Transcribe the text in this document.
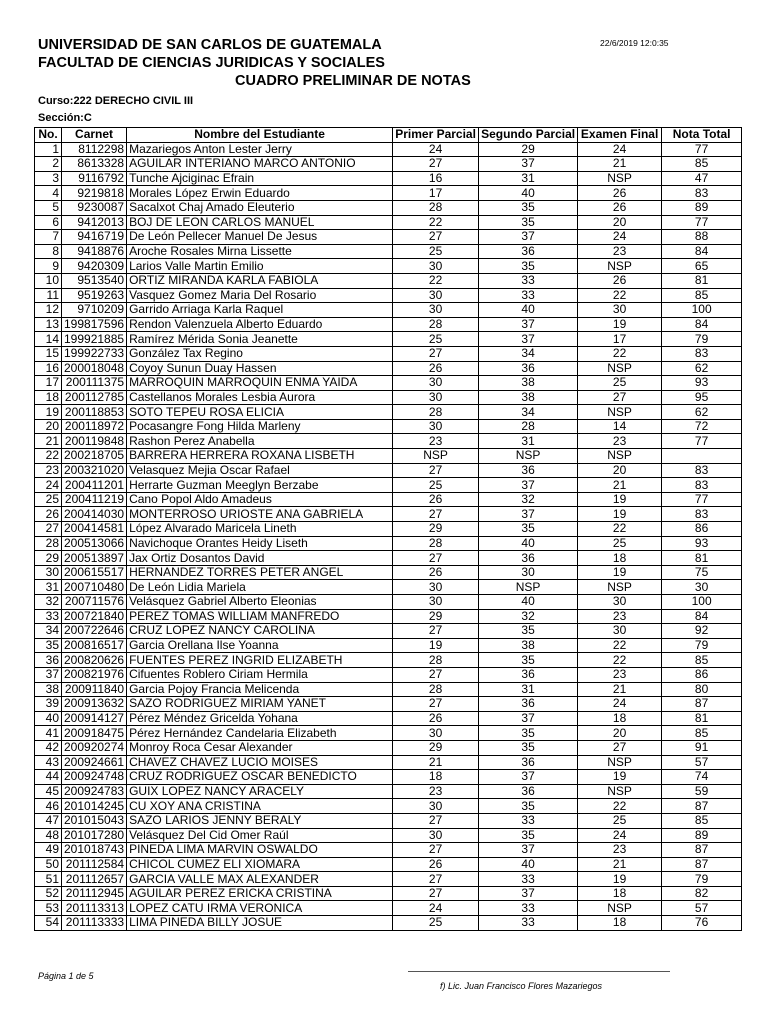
UNIVERSIDAD DE SAN CARLOS DE GUATEMALA
FACULTAD DE CIENCIAS JURIDICAS Y SOCIALES
CUADRO PRELIMINAR DE NOTAS
22/6/2019 12:0:35
Curso:222 DERECHO CIVIL III
Sección:C
No.	Carnet	Nombre del Estudiante	Primer Parcial	Segundo Parcial	Examen Final	Nota Total
1	8112298	Mazariegos Anton Lester Jerry	24	29	24	77
2	8613328	AGUILAR INTERIANO MARCO ANTONIO	27	37	21	85
3	9116792	Tunche Ajciginac Efrain	16	31	NSP	47
4	9219818	Morales López Erwin Eduardo	17	40	26	83
5	9230087	Sacalxot Chaj Amado Eleuterio	28	35	26	89
6	9412013	BOJ DE LEON CARLOS MANUEL	22	35	20	77
7	9416719	De León Pellecer Manuel De Jesus	27	37	24	88
8	9418876	Aroche Rosales Mirna Lissette	25	36	23	84
9	9420309	Larios Valle Martin Emilio	30	35	NSP	65
10	9513540	ORTIZ MIRANDA KARLA FABIOLA	22	33	26	81
11	9519263	Vasquez Gomez Maria Del Rosario	30	33	22	85
12	9710209	Garrido Arriaga Karla Raquel	30	40	30	100
13	199817596	Rendon Valenzuela Alberto Eduardo	28	37	19	84
14	199921885	Ramírez Mérida Sonia Jeanette	25	37	17	79
15	199922733	González Tax Regino	27	34	22	83
16	200018048	Coyoy Sunun Duay Hassen	26	36	NSP	62
17	200111375	MARROQUIN MARROQUIN ENMA YAIDA	30	38	25	93
18	200112785	Castellanos Morales Lesbia Aurora	30	38	27	95
19	200118853	SOTO TEPEU ROSA ELICIA	28	34	NSP	62
20	200118972	Pocasangre Fong Hilda Marleny	30	28	14	72
21	200119848	Rashon Perez Anabella	23	31	23	77
22	200218705	BARRERA HERRERA ROXANA LISBETH	NSP	NSP	NSP	
23	200321020	Velasquez Mejia Oscar Rafael	27	36	20	83
24	200411201	Herrarte Guzman Meeglyn Berzabe	25	37	21	83
25	200411219	Cano Popol Aldo Amadeus	26	32	19	77
26	200414030	MONTERROSO URIOSTE ANA GABRIELA	27	37	19	83
27	200414581	López Alvarado Maricela Lineth	29	35	22	86
28	200513066	Navichoque Orantes Heidy Liseth	28	40	25	93
29	200513897	Jax Ortiz Dosantos David	27	36	18	81
30	200615517	HERNANDEZ TORRES PETER ANGEL	26	30	19	75
31	200710480	De León Lidia Mariela	30	NSP	NSP	30
32	200711576	Velásquez Gabriel Alberto Eleonias	30	40	30	100
33	200721840	PEREZ TOMAS WILLIAM MANFREDO	29	32	23	84
34	200722646	CRUZ LOPEZ NANCY CAROLINA	27	35	30	92
35	200816517	Garcia Orellana Ilse Yoanna	19	38	22	79
36	200820626	FUENTES PEREZ INGRID ELIZABETH	28	35	22	85
37	200821976	Cifuentes Roblero Ciriam Hermila	27	36	23	86
38	200911840	Garcia Pojoy Francia Melicenda	28	31	21	80
39	200913632	SAZO RODRIGUEZ MIRIAM YANET	27	36	24	87
40	200914127	Pérez Méndez Gricelda Yohana	26	37	18	81
41	200918475	Pérez Hernández Candelaria Elizabeth	30	35	20	85
42	200920274	Monroy Roca Cesar Alexander	29	35	27	91
43	200924661	CHAVEZ CHAVEZ LUCIO MOISES	21	36	NSP	57
44	200924748	CRUZ RODRIGUEZ OSCAR BENEDICTO	18	37	19	74
45	200924783	GUIX LOPEZ NANCY ARACELY	23	36	NSP	59
46	201014245	CU XOY ANA CRISTINA	30	35	22	87
47	201015043	SAZO LARIOS JENNY BERALY	27	33	25	85
48	201017280	Velásquez Del Cid Omer Raúl	30	35	24	89
49	201018743	PINEDA LIMA MARVIN OSWALDO	27	37	23	87
50	201112584	CHICOL CUMEZ ELI XIOMARA	26	40	21	87
51	201112657	GARCIA VALLE MAX ALEXANDER	27	33	19	79
52	201112945	AGUILAR PEREZ ERICKA CRISTINA	27	37	18	82
53	201113313	LOPEZ CATU IRMA VERONICA	24	33	NSP	57
54	201113333	LIMA PINEDA BILLY JOSUE	25	33	18	76
Página 1 de 5
f) Lic. Juan Francisco Flores Mazariegos
